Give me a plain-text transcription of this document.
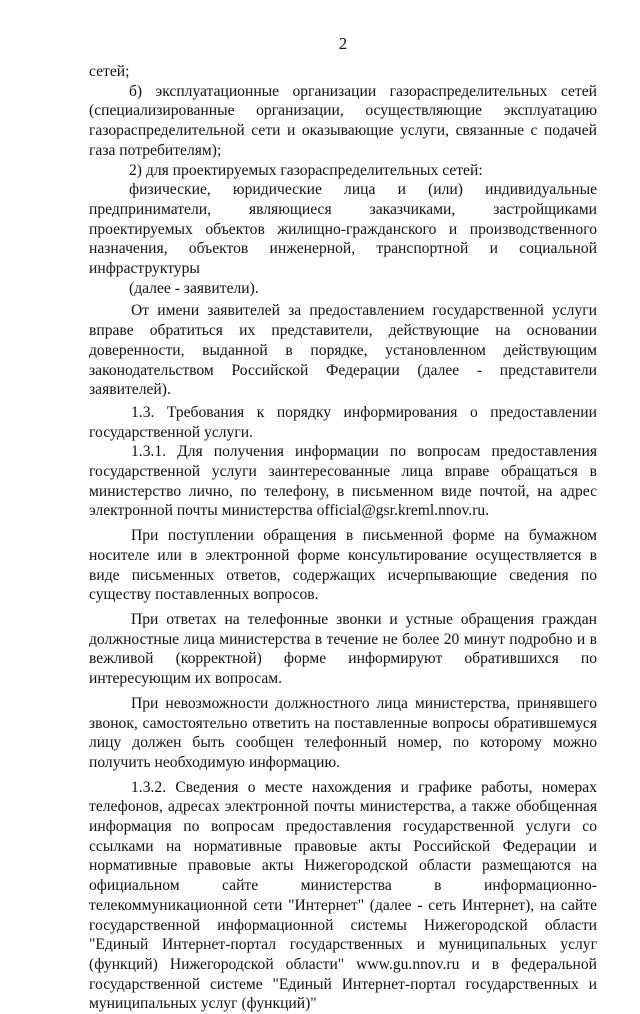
2

сетей;

б) эксплуатационные организации газораспределительных сетей (специализированные организации, осуществляющие эксплуатацию газораспределительной сети и оказывающие услуги, связанные с подачей газа потребителям);

2) для проектируемых газораспределительных сетей:

физические, юридические лица и (или) индивидуальные предприниматели, являющиеся заказчиками, застройщиками проектируемых объектов жилищно-гражданского и производственного назначения, объектов инженерной, транспортной и социальной инфраструктуры

(далее - заявители).

От имени заявителей за предоставлением государственной услуги вправе обратиться их представители, действующие на основании доверенности, выданной в порядке, установленном действующим законодательством Российской Федерации (далее - представители заявителей).

1.3. Требования к порядку информирования о предоставлении государственной услуги.

1.3.1. Для получения информации по вопросам предоставления государственной услуги заинтересованные лица вправе обращаться в министерство лично, по телефону, в письменном виде почтой, на адрес электронной почты министерства official@gsr.kreml.nnov.ru.

При поступлении обращения в письменной форме на бумажном носителе или в электронной форме консультирование осуществляется в виде письменных ответов, содержащих исчерпывающие сведения по существу поставленных вопросов.

При ответах на телефонные звонки и устные обращения граждан должностные лица министерства в течение не более 20 минут подробно и в вежливой (корректной) форме информируют обратившихся по интересующим их вопросам.

При невозможности должностного лица министерства, принявшего звонок, самостоятельно ответить на поставленные вопросы обратившемуся лицу должен быть сообщен телефонный номер, по которому можно получить необходимую информацию.

1.3.2. Сведения о месте нахождения и графике работы, номерах телефонов, адресах электронной почты министерства, а также обобщенная информация по вопросам предоставления государственной услуги со ссылками на нормативные правовые акты Российской Федерации и нормативные правовые акты Нижегородской области размещаются на официальном сайте министерства в информационно-телекоммуникационной сети "Интернет" (далее - сеть Интернет), на сайте государственной информационной системы Нижегородской области "Единый Интернет-портал государственных и муниципальных услуг (функций) Нижегородской области" www.gu.nnov.ru и в федеральной государственной системе "Единый Интернет-портал государственных и муниципальных услуг (функций)"
